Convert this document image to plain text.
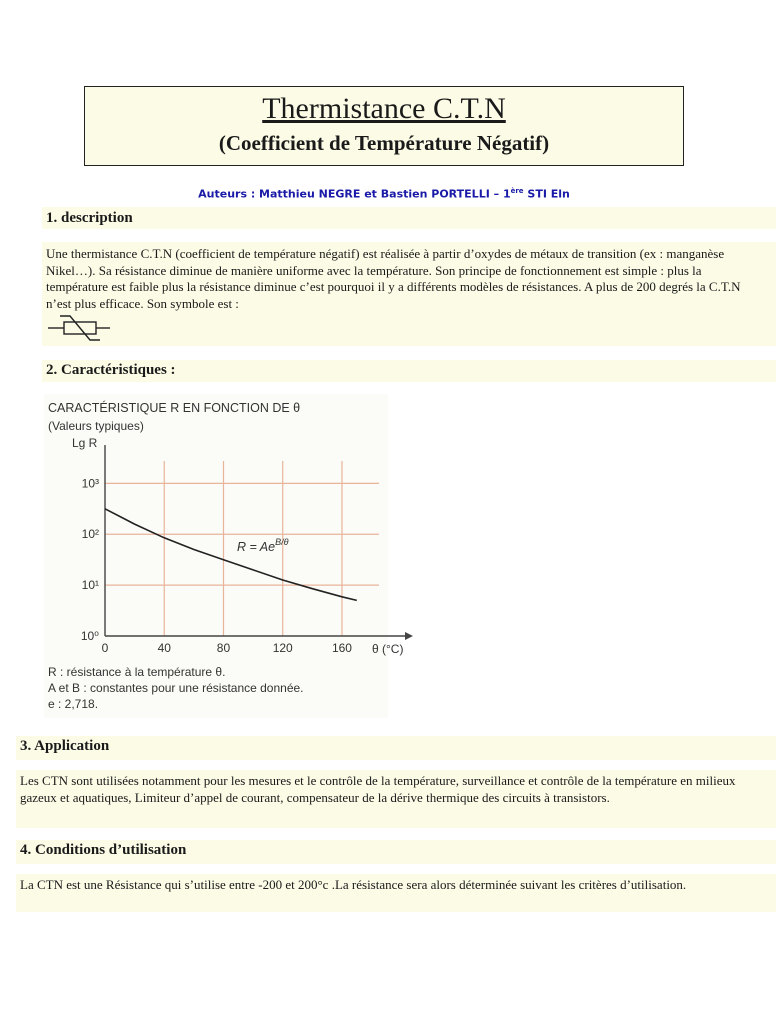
Thermistance C.T.N
(Coefficient de Température Négatif)
Auteurs : Matthieu NEGRE et Bastien PORTELLI – 1ère STI Eln
1. description
Une thermistance C.T.N (coefficient de température négatif) est réalisée à partir d’oxydes de métaux de transition (ex : manganèse Nikel…). Sa résistance diminue de manière uniforme avec la température. Son principe de fonctionnement est simple : plus la température est faible plus la résistance diminue c’est pourquoi il y a différents modèles de résistances. A plus de 200 degrés la C.T.N n’est plus efficace. Son symbole est :
2. Caractéristiques :
CARACTÉRISTIQUE R EN FONCTION DE θ
(Valeurs typiques)
Lg R
θ (°C)
0	40	80	120	160
10⁰
10¹
10²
10³
$R = Ae^{B/\theta}$
R : résistance à la température θ.
A et B : constantes pour une résistance donnée.
e : 2,718.
3. Application
Les CTN sont utilisées notamment pour les mesures et le contrôle de la température, surveillance et contrôle de la température en milieux gazeux et aquatiques, Limiteur d’appel de courant, compensateur de la dérive thermique des circuits à transistors.
4. Conditions d’utilisation
La CTN est une Résistance qui s’utilise entre -200 et 200°c .La résistance sera alors déterminée suivant les critères d’utilisation.
